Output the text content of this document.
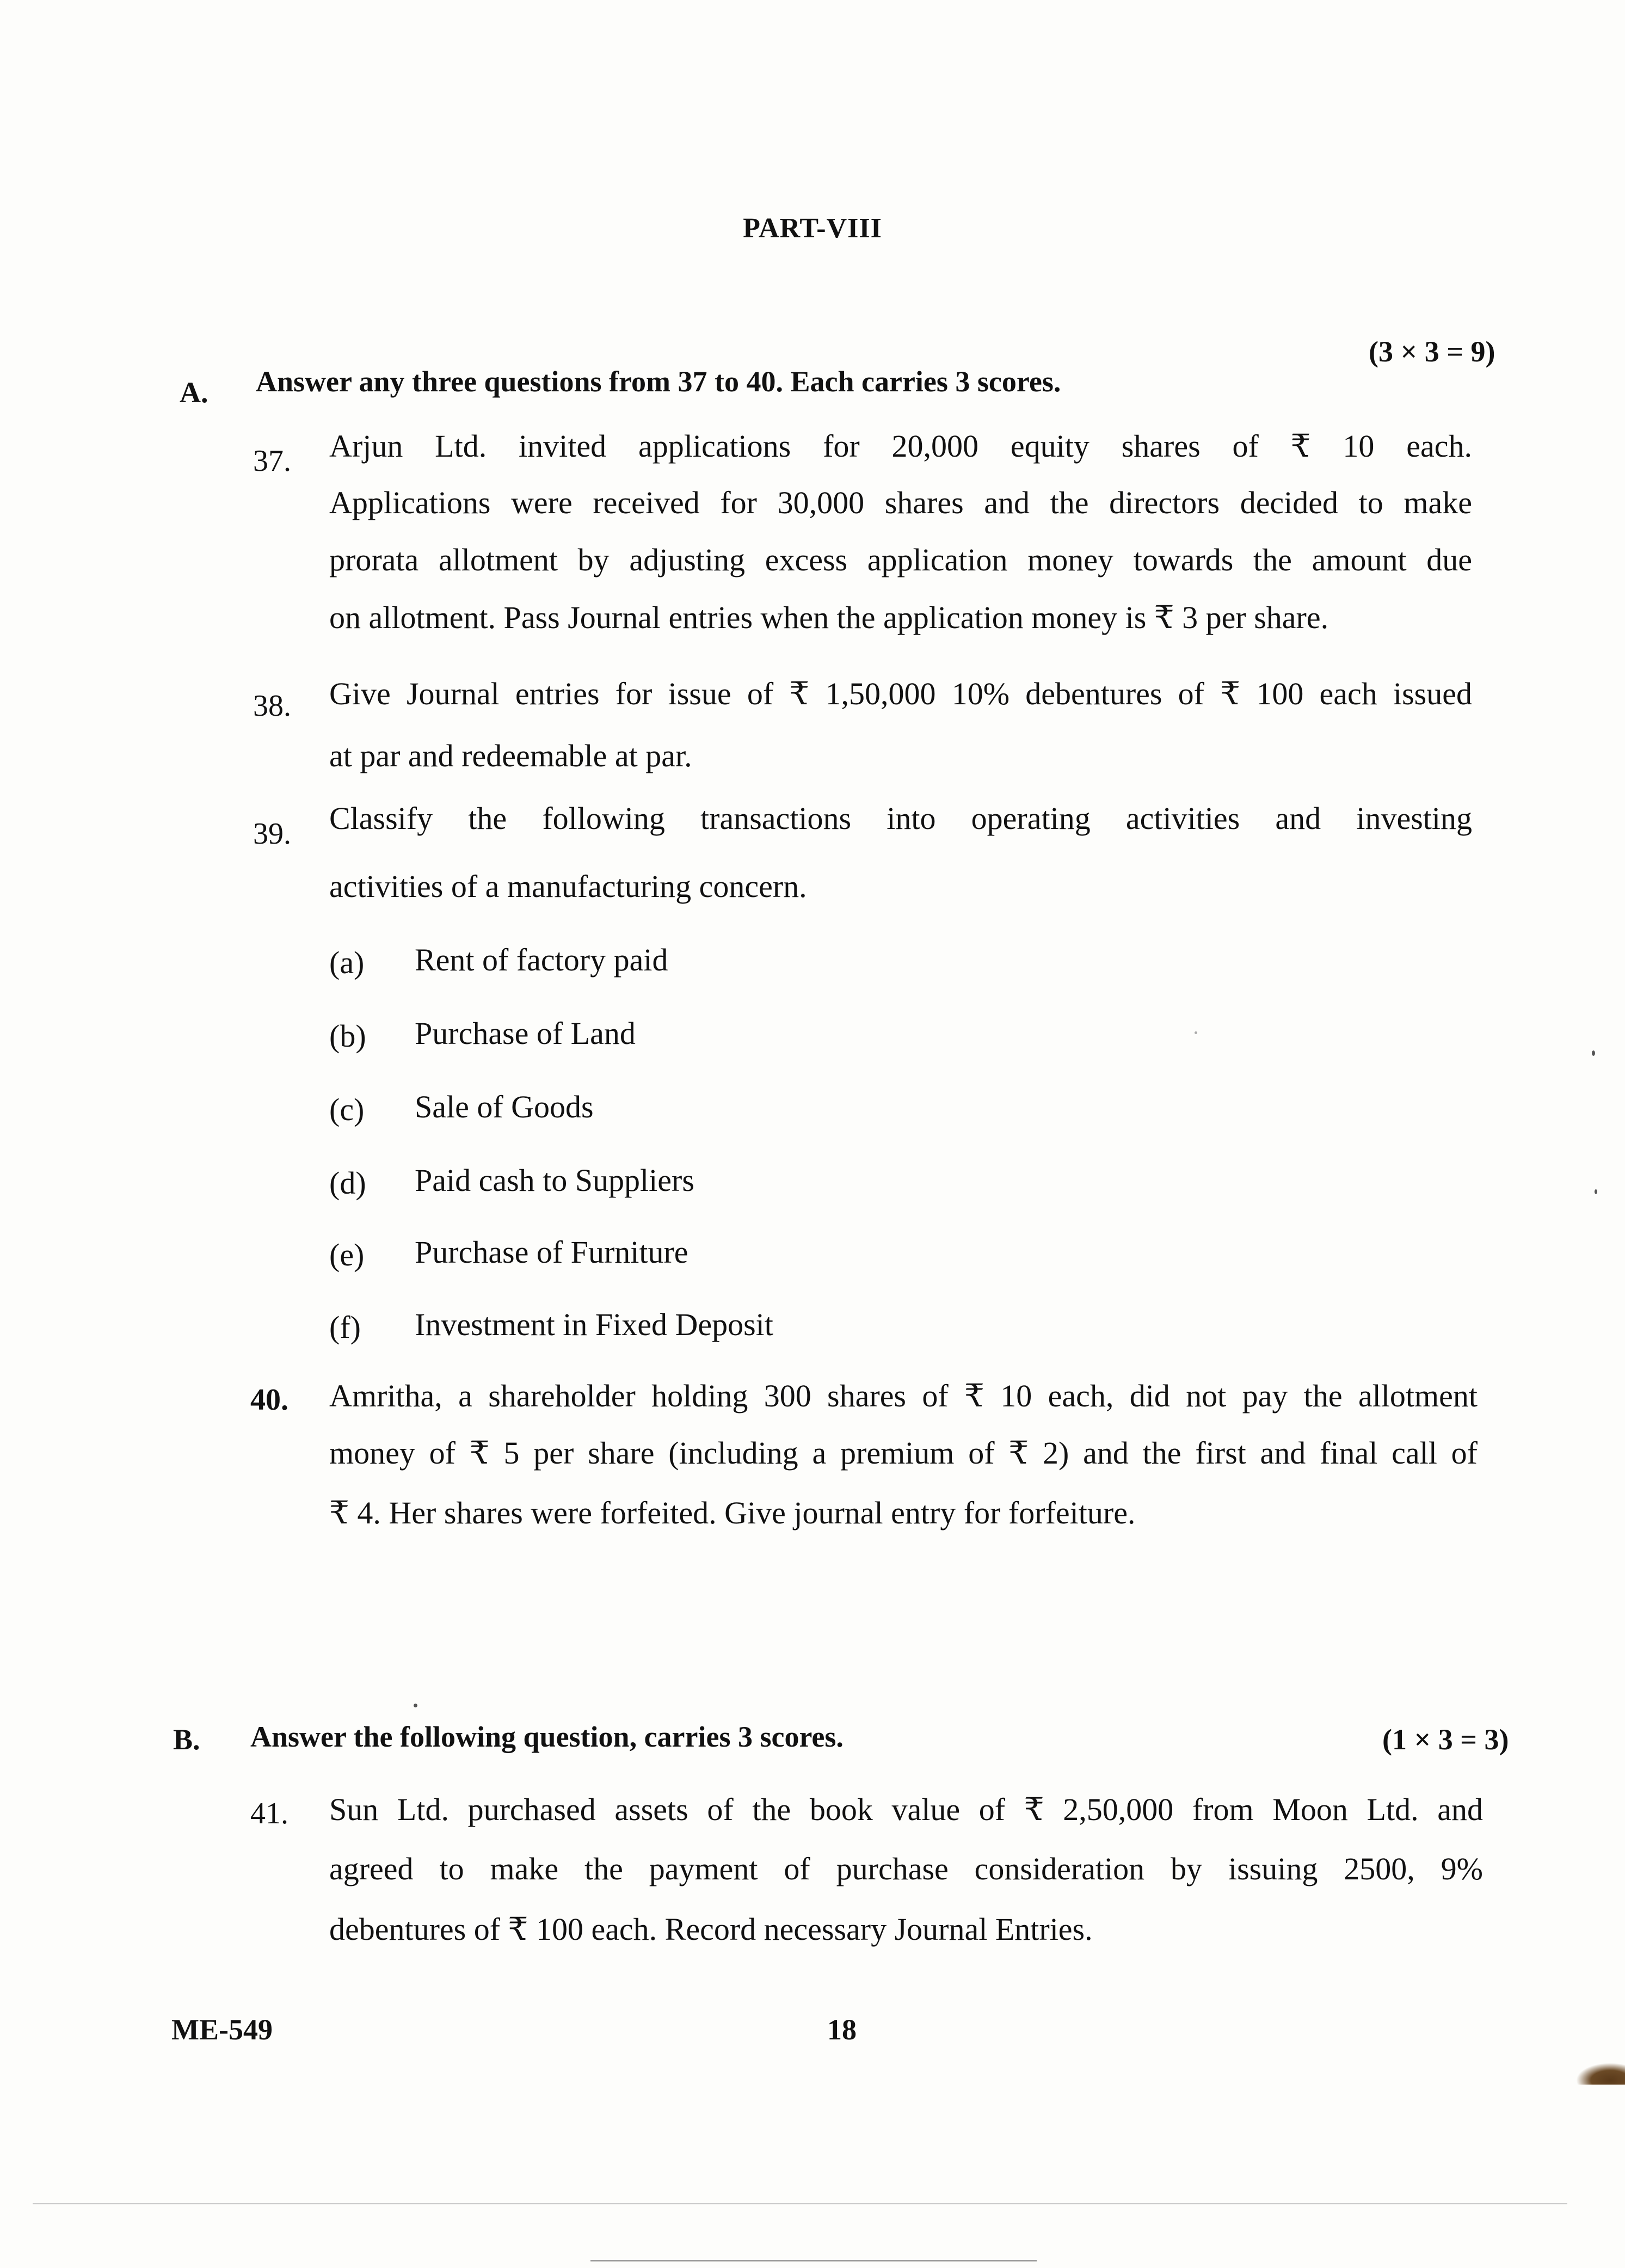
PART-VIII
A. Answer any three questions from 37 to 40. Each carries 3 scores.
(3 × 3 = 9)
37. Arjun Ltd. invited applications for 20,000 equity shares of ₹ 10 each.
Applications were received for 30,000 shares and the directors decided to make
prorata allotment by adjusting excess application money towards the amount due
on allotment. Pass Journal entries when the application money is ₹ 3 per share.
38. Give Journal entries for issue of ₹ 1,50,000 10% debentures of ₹ 100 each issued
at par and redeemable at par.
39. Classify the following transactions into operating activities and investing
activities of a manufacturing concern.
(a) Rent of factory paid
(b) Purchase of Land
(c) Sale of Goods
(d) Paid cash to Suppliers
(e) Purchase of Furniture
(f) Investment in Fixed Deposit
40. Amritha, a shareholder holding 300 shares of ₹ 10 each, did not pay the allotment
money of ₹ 5 per share (including a premium of ₹ 2) and the first and final call of
₹ 4. Her shares were forfeited. Give journal entry for forfeiture.
B. Answer the following question, carries 3 scores.	(1 × 3 = 3)
41. Sun Ltd. purchased assets of the book value of ₹ 2,50,000 from Moon Ltd. and
agreed to make the payment of purchase consideration by issuing 2500, 9%
debentures of ₹ 100 each. Record necessary Journal Entries.
ME-549	18
